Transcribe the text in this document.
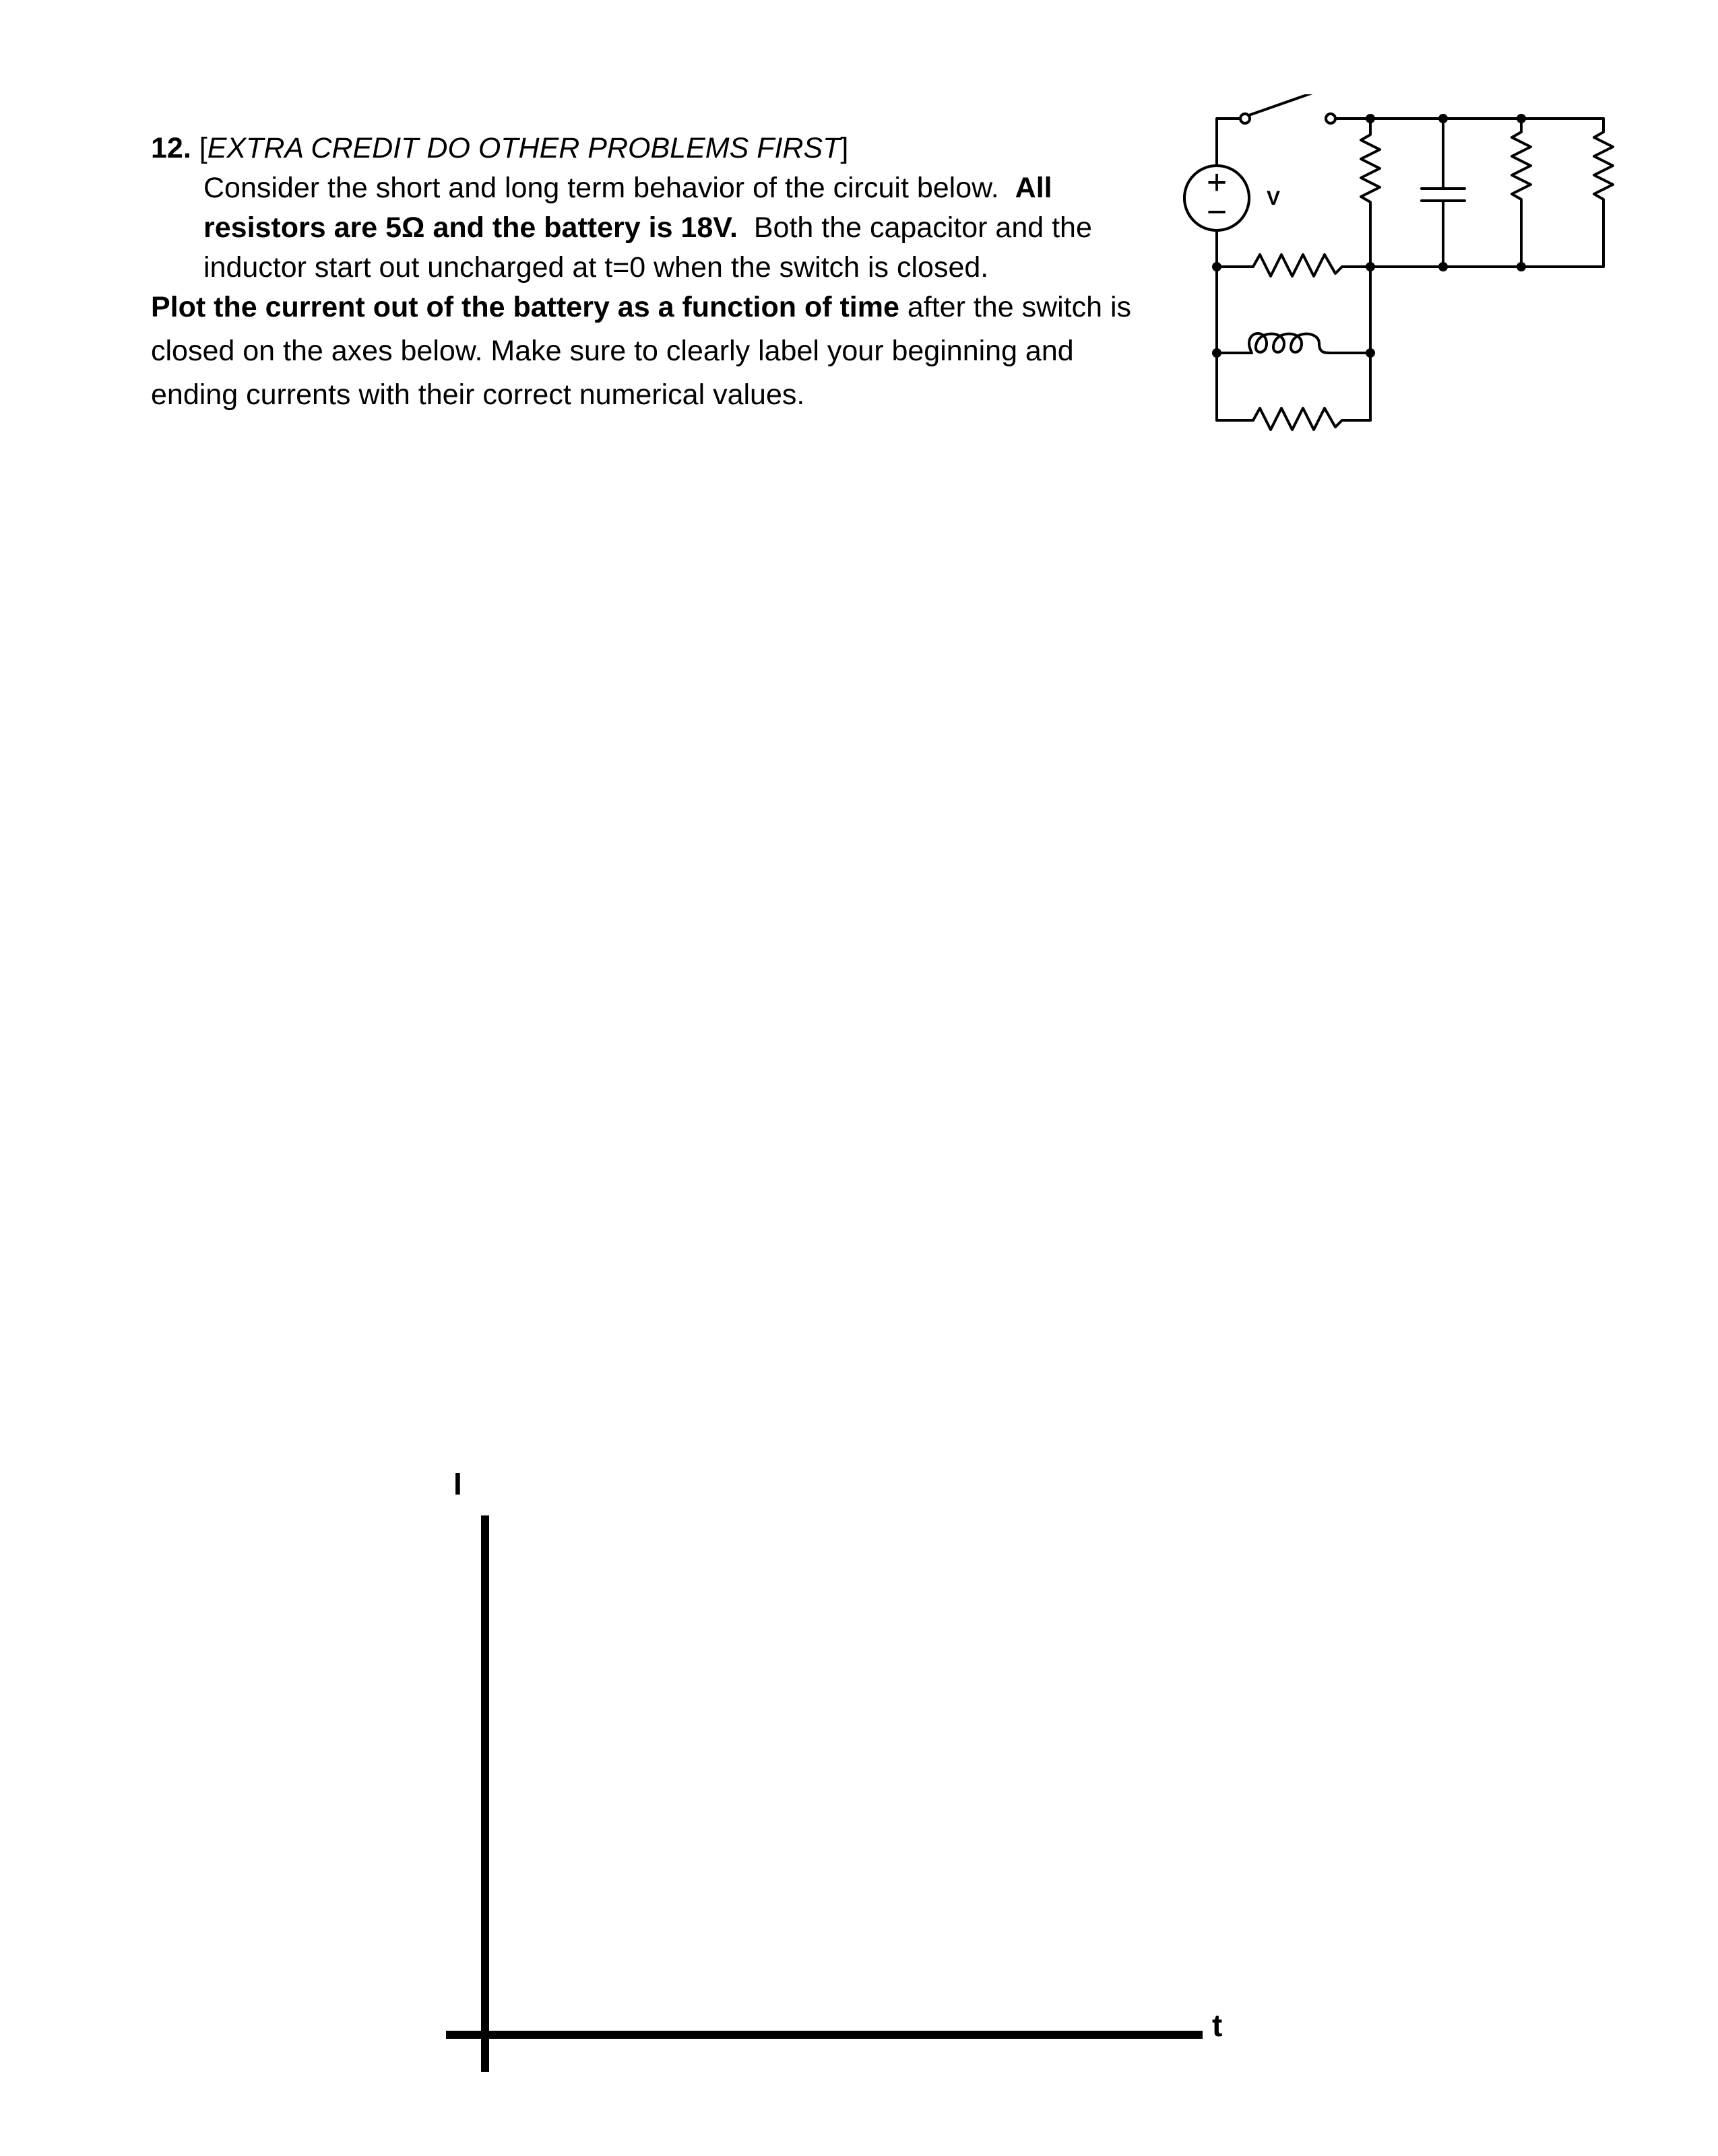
12. [EXTRA CREDIT DO OTHER PROBLEMS FIRST]
Consider the short and long term behavior of the circuit below. All
resistors are 5Ω and the battery is 18V. Both the capacitor and the
inductor start out uncharged at t=0 when the switch is closed.
Plot the current out of the battery as a function of time after the switch is
closed on the axes below. Make sure to clearly label your beginning and
ending currents with their correct numerical values.
+
− V
I
t
